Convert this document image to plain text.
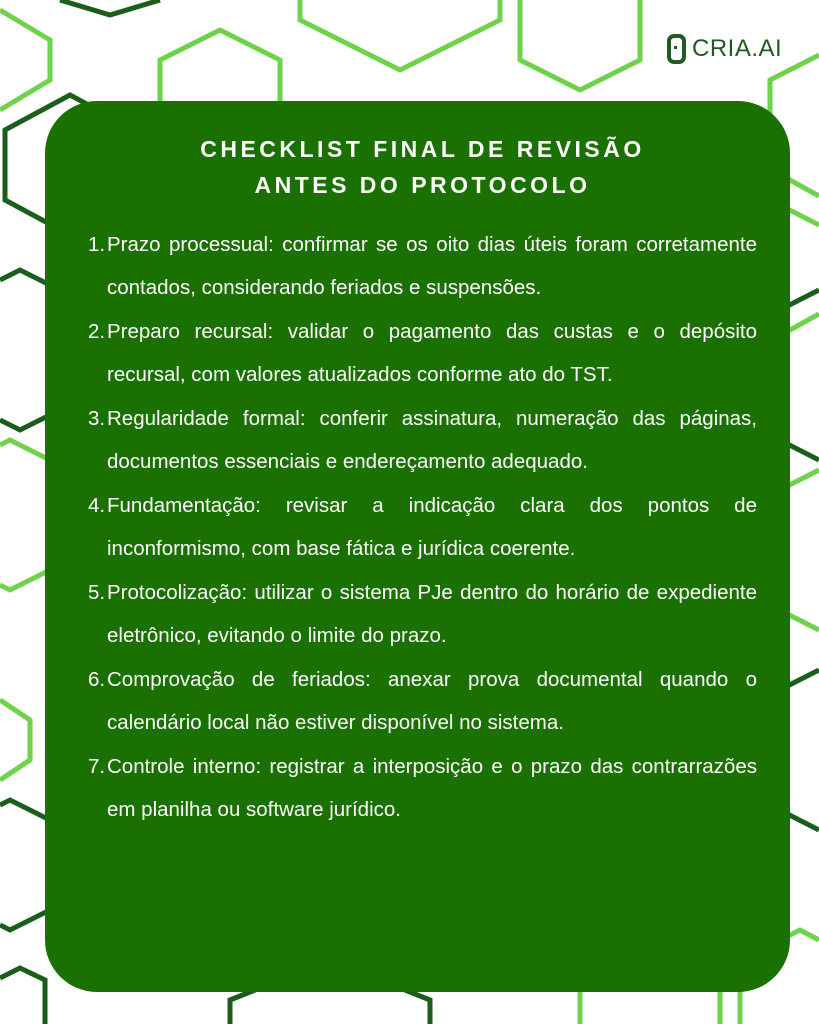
CRIA.AI
CHECKLIST FINAL DE REVISÃO
ANTES DO PROTOCOLO
1. Prazo processual: confirmar se os oito dias úteis foram corretamente contados, considerando feriados e suspensões.
2. Preparo recursal: validar o pagamento das custas e o depósito recursal, com valores atualizados conforme ato do TST.
3. Regularidade formal: conferir assinatura, numeração das páginas, documentos essenciais e endereçamento adequado.
4. Fundamentação: revisar a indicação clara dos pontos de inconformismo, com base fática e jurídica coerente.
5. Protocolização: utilizar o sistema PJe dentro do horário de expediente eletrônico, evitando o limite do prazo.
6. Comprovação de feriados: anexar prova documental quando o calendário local não estiver disponível no sistema.
7. Controle interno: registrar a interposição e o prazo das contrarrazões em planilha ou software jurídico.
